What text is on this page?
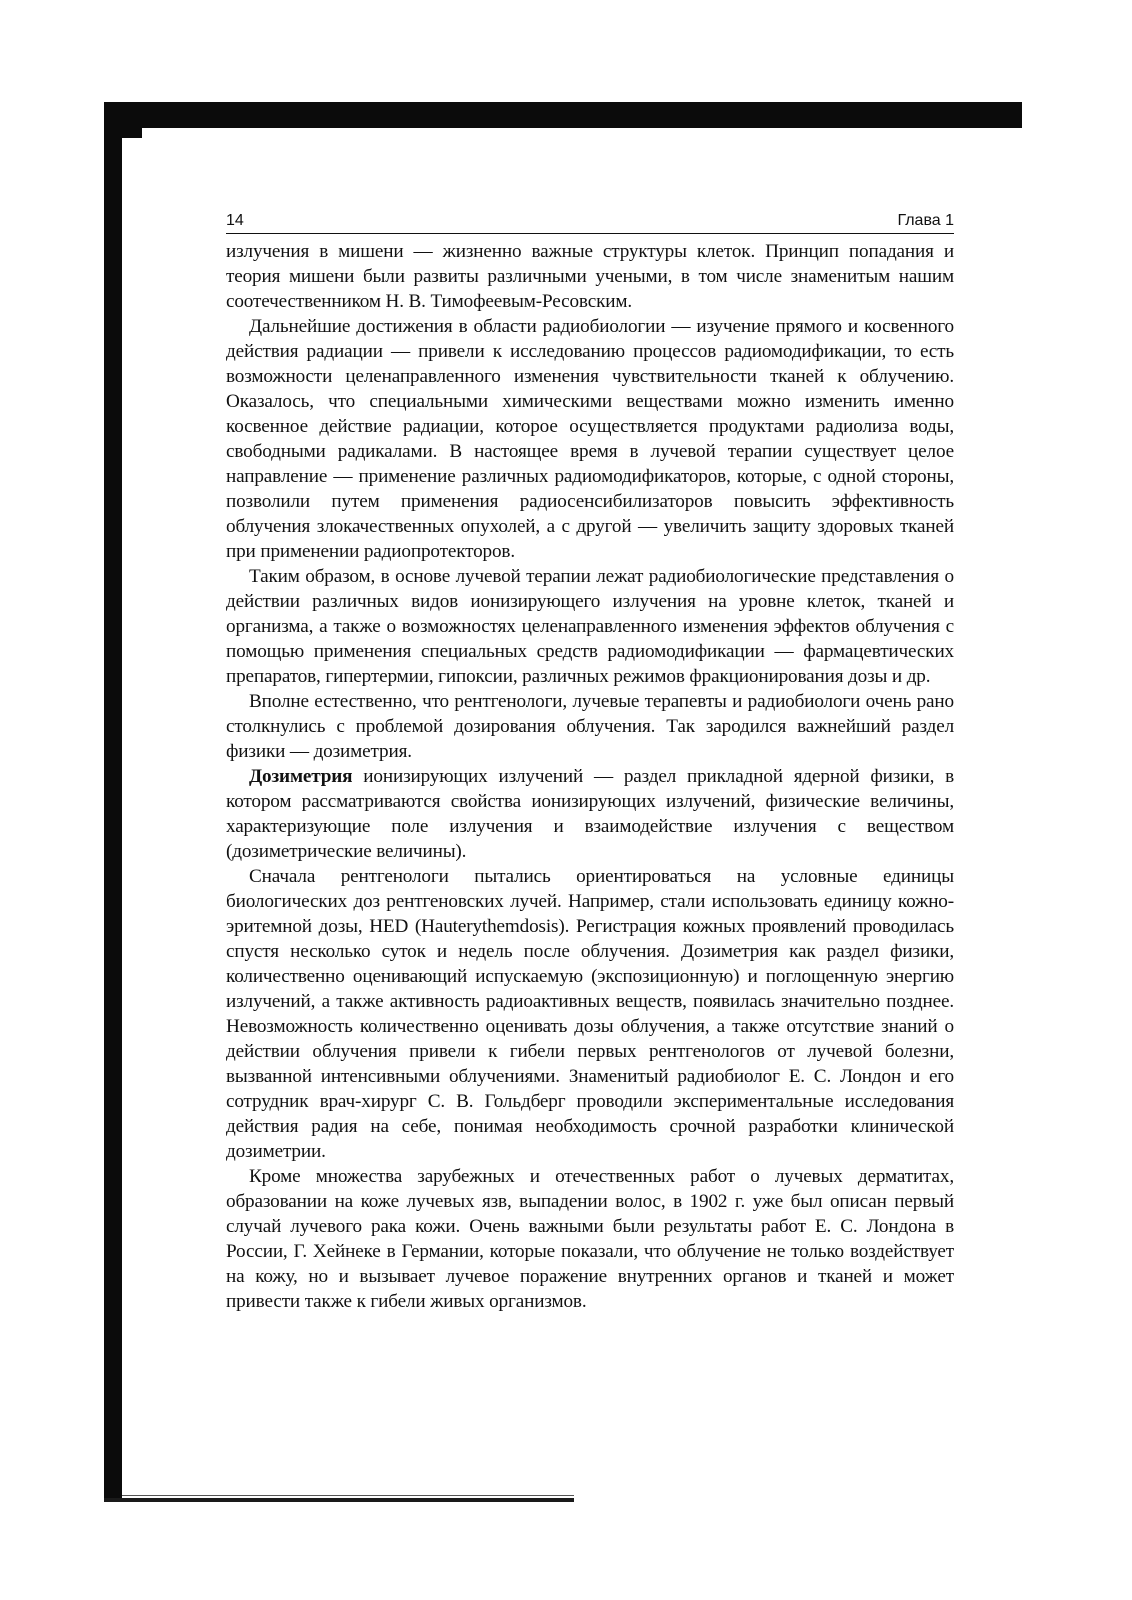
14	Глава 1

излучения в мишени — жизненно важные структуры клеток. Принцип попадания и теория мишени были развиты различными учеными, в том числе знаменитым нашим соотечественником Н. В. Тимофеевым-Ресовским.

Дальнейшие достижения в области радиобиологии — изучение прямого и косвенного действия радиации — привели к исследованию процессов радиомодификации, то есть возможности целенаправленного изменения чувствительности тканей к облучению. Оказалось, что специальными химическими веществами можно изменить именно косвенное действие радиации, которое осуществляется продуктами радиолиза воды, свободными радикалами. В настоящее время в лучевой терапии существует целое направление — применение различных радиомодификаторов, которые, с одной стороны, позволили путем применения радиосенсибилизаторов повысить эффективность облучения злокачественных опухолей, а с другой — увеличить защиту здоровых тканей при применении радиопротекторов.

Таким образом, в основе лучевой терапии лежат радиобиологические представления о действии различных видов ионизирующего излучения на уровне клеток, тканей и организма, а также о возможностях целенаправленного изменения эффектов облучения с помощью применения специальных средств радиомодификации — фармацевтических препаратов, гипертермии, гипоксии, различных режимов фракционирования дозы и др.

Вполне естественно, что рентгенологи, лучевые терапевты и радиобиологи очень рано столкнулись с проблемой дозирования облучения. Так зародился важнейший раздел физики — дозиметрия.

Дозиметрия ионизирующих излучений — раздел прикладной ядерной физики, в котором рассматриваются свойства ионизирующих излучений, физические величины, характеризующие поле излучения и взаимодействие излучения с веществом (дозиметрические величины).

Сначала рентгенологи пытались ориентироваться на условные единицы биологических доз рентгеновских лучей. Например, стали использовать единицу кожно-эритемной дозы, HED (Hauterythemdosis). Регистрация кожных проявлений проводилась спустя несколько суток и недель после облучения. Дозиметрия как раздел физики, количественно оценивающий испускаемую (экспозиционную) и поглощенную энергию излучений, а также активность радиоактивных веществ, появилась значительно позднее. Невозможность количественно оценивать дозы облучения, а также отсутствие знаний о действии облучения привели к гибели первых рентгенологов от лучевой болезни, вызванной интенсивными облучениями. Знаменитый радиобиолог Е. С. Лондон и его сотрудник врач-хирург С. В. Гольдберг проводили экспериментальные исследования действия радия на себе, понимая необходимость срочной разработки клинической дозиметрии.

Кроме множества зарубежных и отечественных работ о лучевых дерматитах, образовании на коже лучевых язв, выпадении волос, в 1902 г. уже был описан первый случай лучевого рака кожи. Очень важными были результаты работ Е. С. Лондона в России, Г. Хейнеке в Германии, которые показали, что облучение не только воздействует на кожу, но и вызывает лучевое поражение внутренних органов и тканей и может привести также к гибели живых организмов.
